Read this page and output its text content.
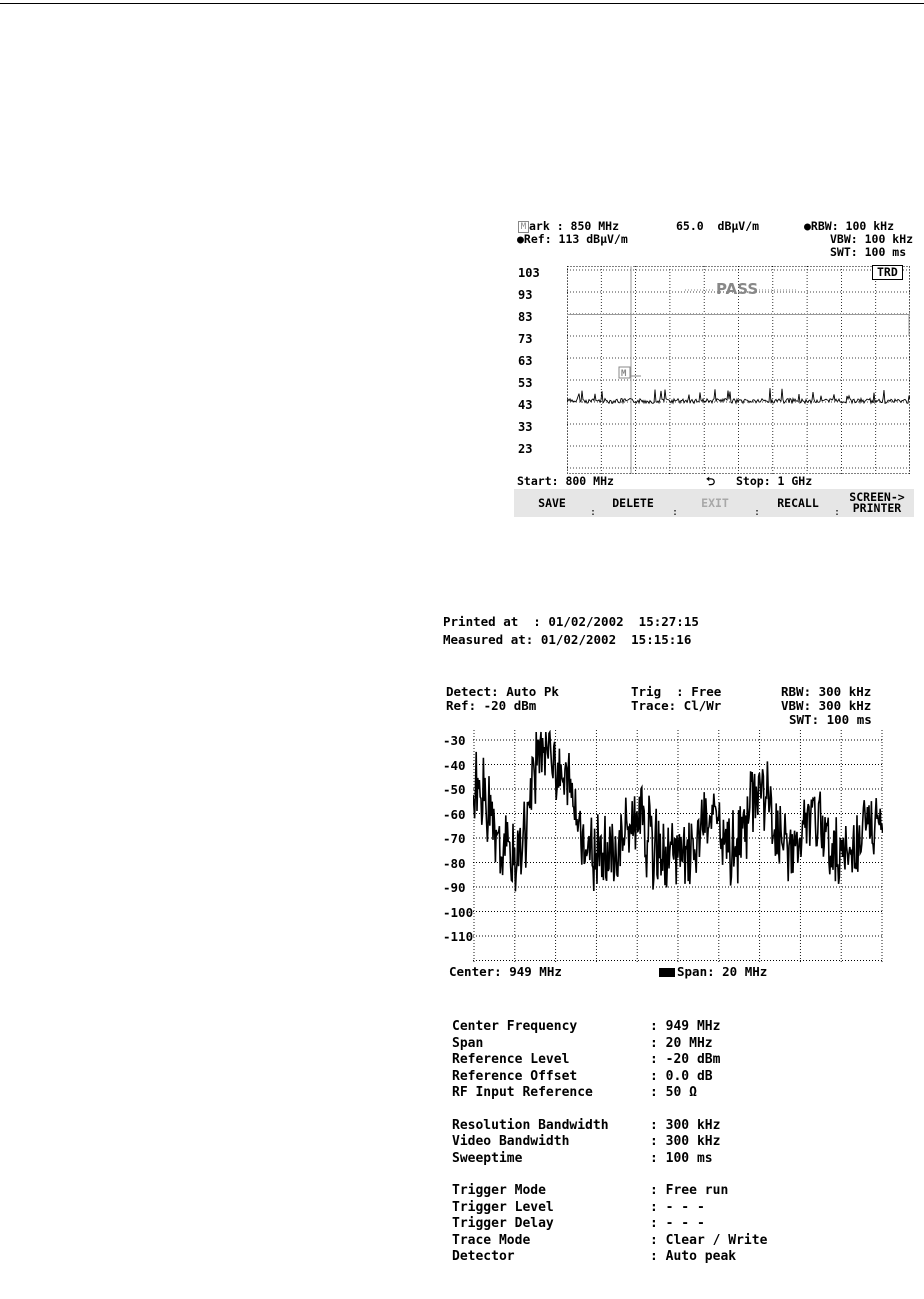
M ark : 850 MHz	65.0  dBµV/m	●RBW: 100 kHz
●Ref: 113 dBµV/m	VBW: 100 kHz
SWT: 100 ms
103
93
83
73
63
53
43
33
23
PASS
M
TRD
Start: 800 MHz	⮌ Stop: 1 GHz
SAVE
:
DELETE
:
EXIT
:
RECALL
:
SCREEN->
PRINTER
Printed at  : 01/02/2002  15:27:15
Measured at: 01/02/2002  15:15:16
Detect: Auto Pk
Ref: -20 dBm
Trig  : Free
Trace: Cl/Wr
RBW: 300 kHz
VBW: 300 kHz
SWT: 100 ms
-30
-40
-50
-60
-70
-80
-90
-100
-110
Center: 949 MHz	Span: 20 MHz
Center Frequency	: 949 MHz
Span	: 20 MHz
Reference Level	: -20 dBm
Reference Offset	: 0.0 dB
RF Input Reference	: 50 Ω
Resolution Bandwidth	: 300 kHz
Video Bandwidth	: 300 kHz
Sweeptime	: 100 ms
Trigger Mode	: Free run
Trigger Level	: - - -
Trigger Delay	: - - -
Trace Mode	: Clear / Write
Detector	: Auto peak
